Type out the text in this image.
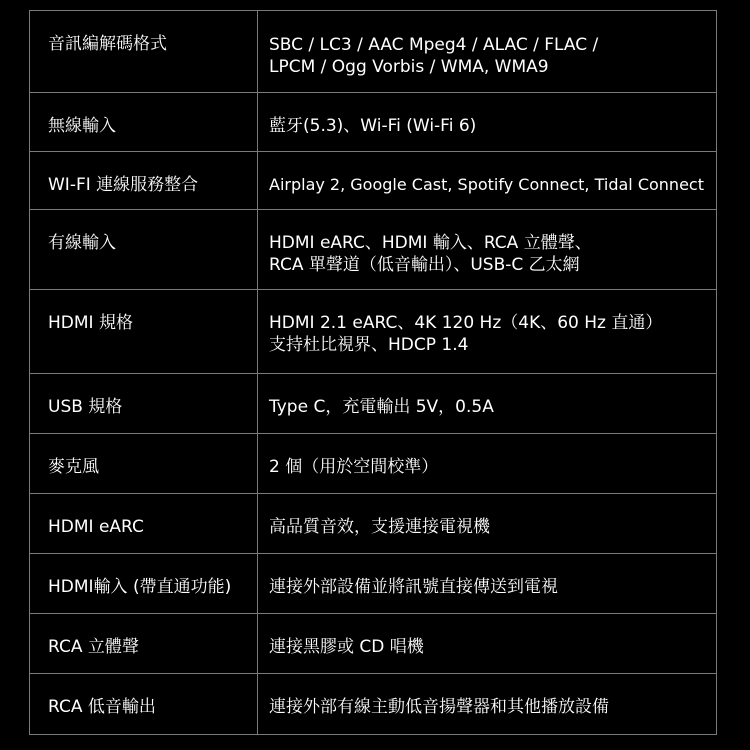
音訊編解碼格式	SBC / LC3 / AAC Mpeg4 / ALAC / FLAC /
LPCM / Ogg Vorbis / WMA, WMA9

無線輸入	藍牙(5.3)、Wi-Fi (Wi-Fi 6)

WI-FI 連線服務整合	Airplay 2, Google Cast, Spotify Connect, Tidal Connect

有線輸入	HDMI eARC、HDMI 輸入、RCA 立體聲、
RCA 單聲道（低音輸出）、USB-C 乙太網

HDMI 規格	HDMI 2.1 eARC、4K 120 Hz（4K、60 Hz 直通）
支持杜比視界、HDCP 1.4

USB 規格	Type C，充電輸出 5V，0.5A

麥克風	2 個（用於空間校準）

HDMI eARC	高品質音效，支援連接電視機

HDMI輸入 (帶直通功能)	連接外部設備並將訊號直接傳送到電視

RCA 立體聲	連接黑膠或 CD 唱機

RCA 低音輸出	連接外部有線主動低音揚聲器和其他播放設備
